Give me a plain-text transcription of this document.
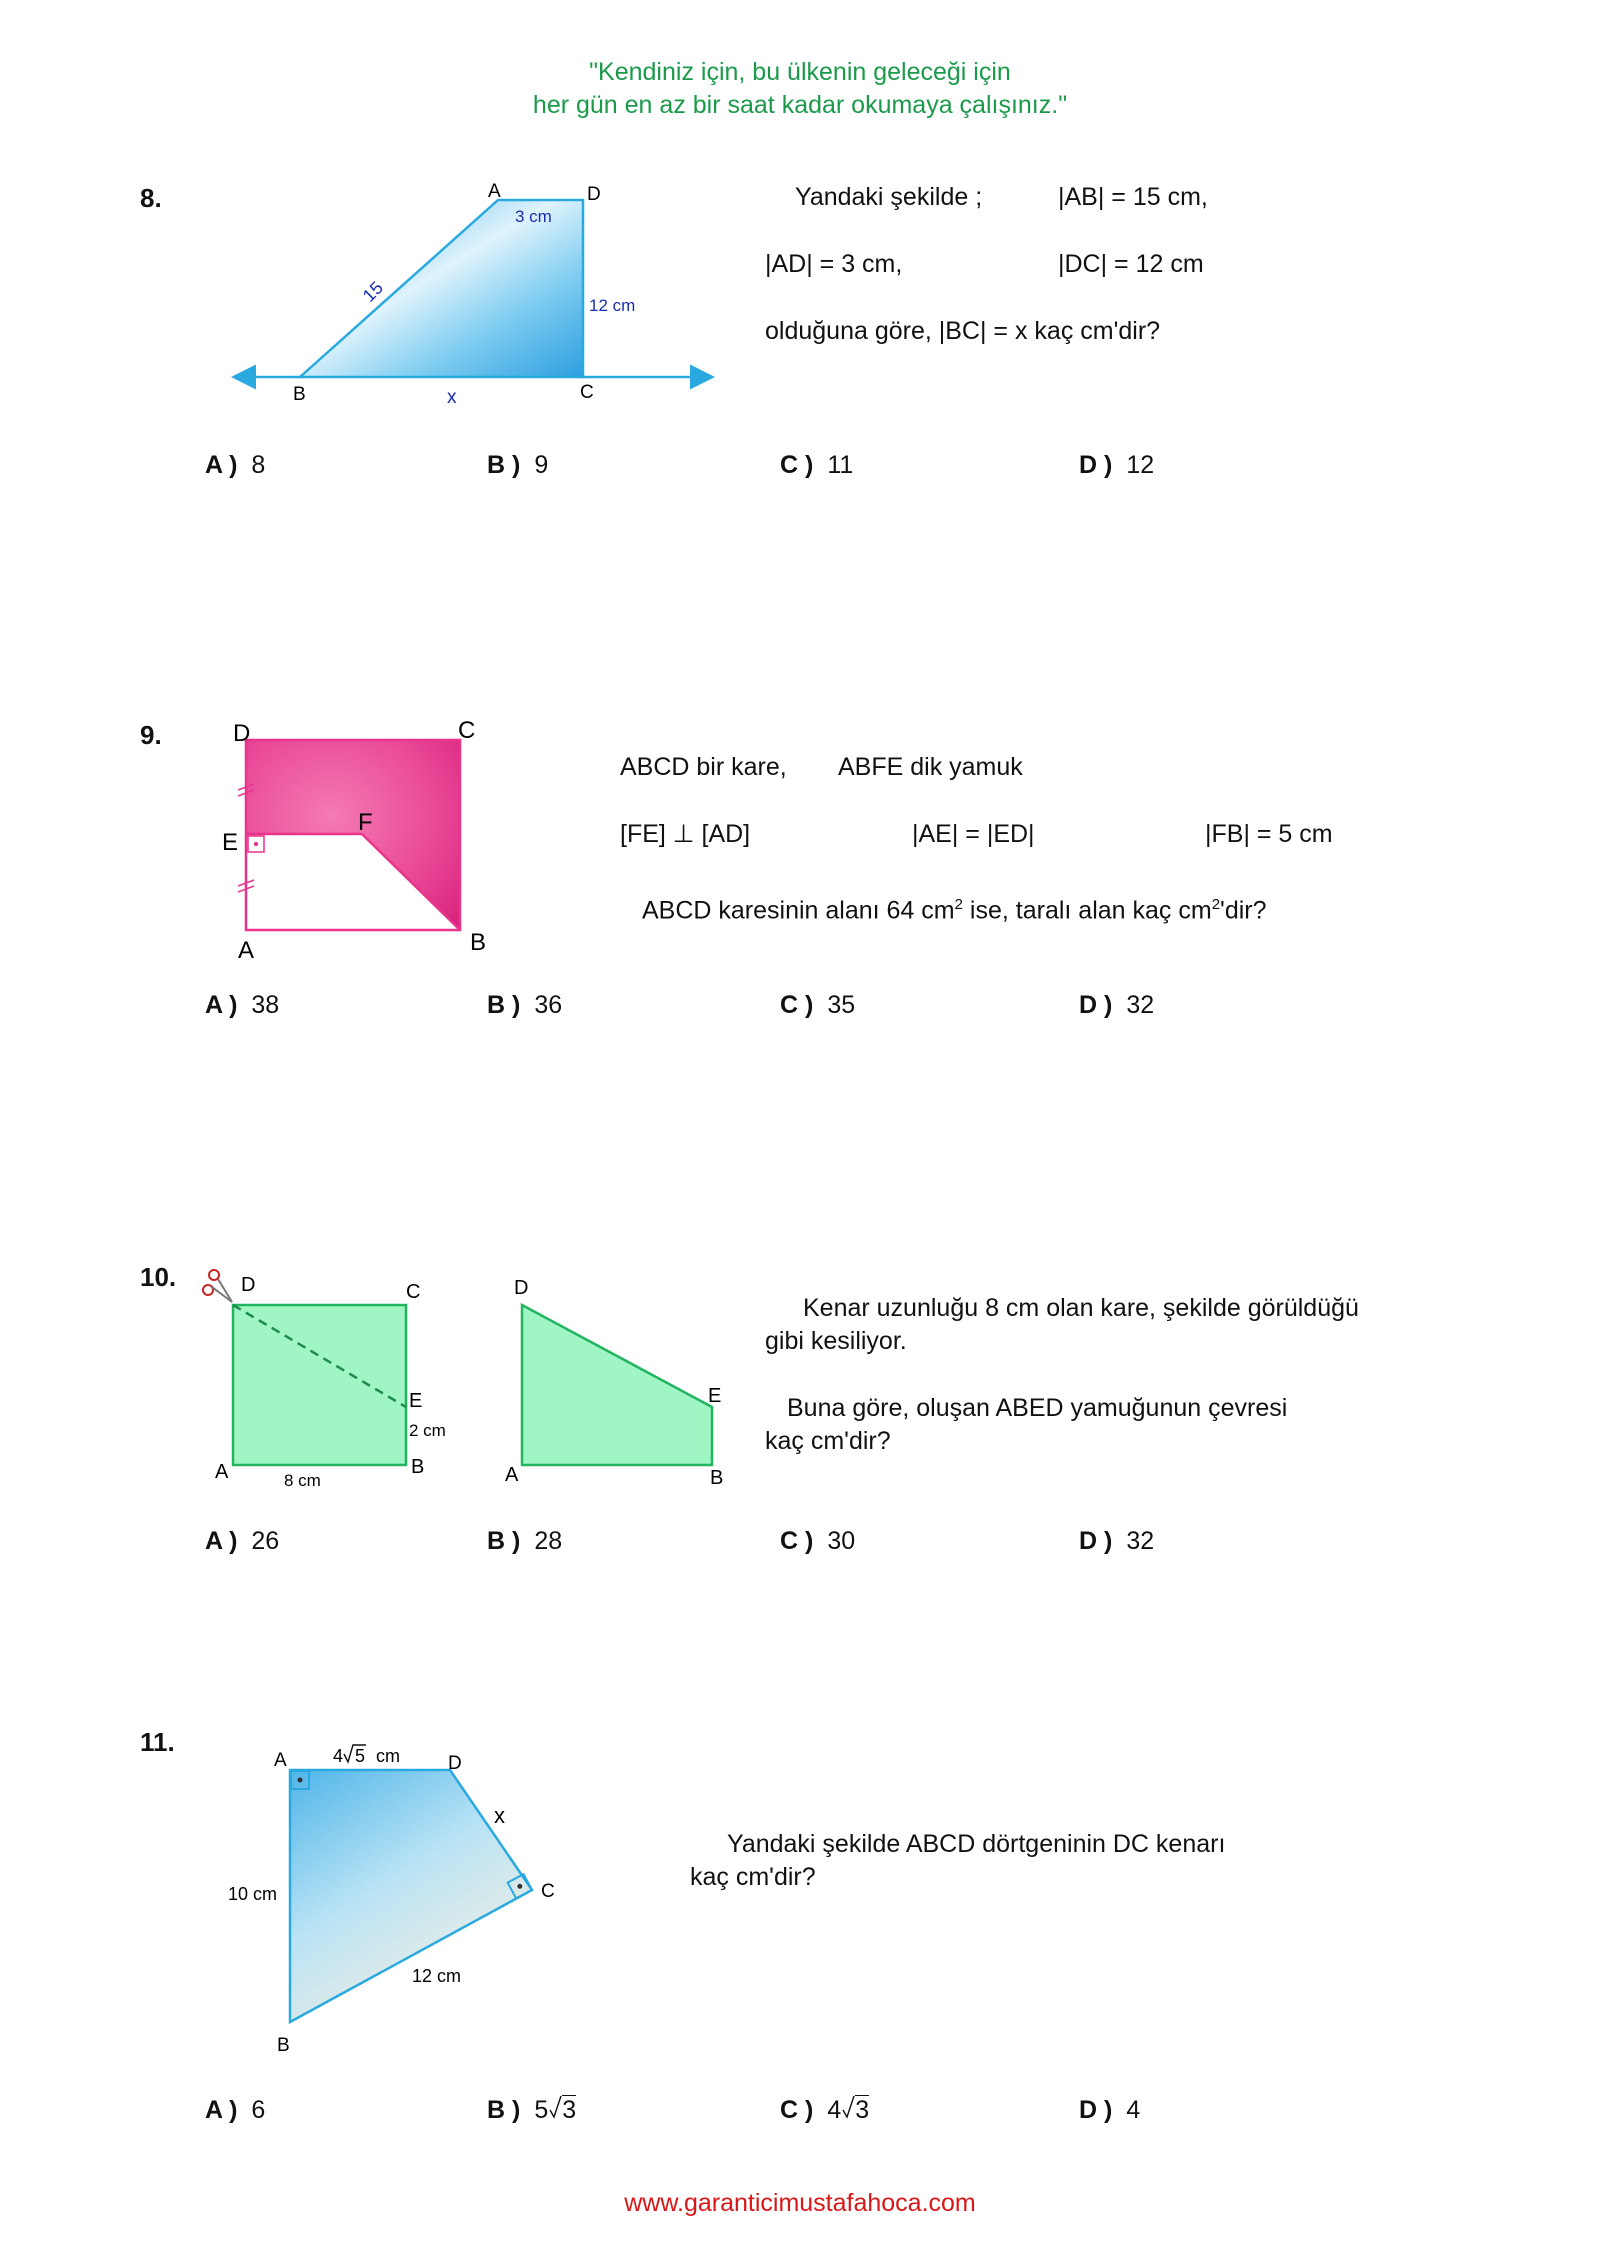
"Kendiniz için, bu ülkenin geleceği için
her gün en az bir saat kadar okumaya çalışınız."
8.	A	D
B	C
3 cm
12 cm
15
x
D	C
E
F
A	B
D	C
E
2 cm
B
A	8 cm
D
E
A	B
A	D
C
B
10 cm
12 cm
x
4 5 cm
Yandaki şekilde ;	|AB| = 15 cm,
|AD| = 3 cm,	|DC| = 12 cm
olduğuna göre, |BC| = x kaç cm'dir?
A ) 8	B ) 9	C ) 11	D ) 12
9.
ABCD bir kare, ABFE dik yamuk
[FE] ⊥ [AD]	|AE| = |ED|	|FB| = 5 cm
ABCD karesinin alanı 64 $cm^2$ ise, taralı alan kaç $cm^2'dir$?
A ) 38	B ) 36	C ) 35	D ) 32
10.
Kenar uzunluğu 8 cm olan kare, şekilde görüldüğü
gibi kesiliyor.
Buna göre, oluşan ABED yamuğunun çevresi
kaç cm'dir?
A ) 26	B ) 28	C ) 30	D ) 32
11.
Yandaki şekilde ABCD dörtgeninin DC kenarı
kaç cm'dir?
A ) 6	B ) 5 3	C ) 4 3	D ) 4
www.garanticimustafahoca.com
